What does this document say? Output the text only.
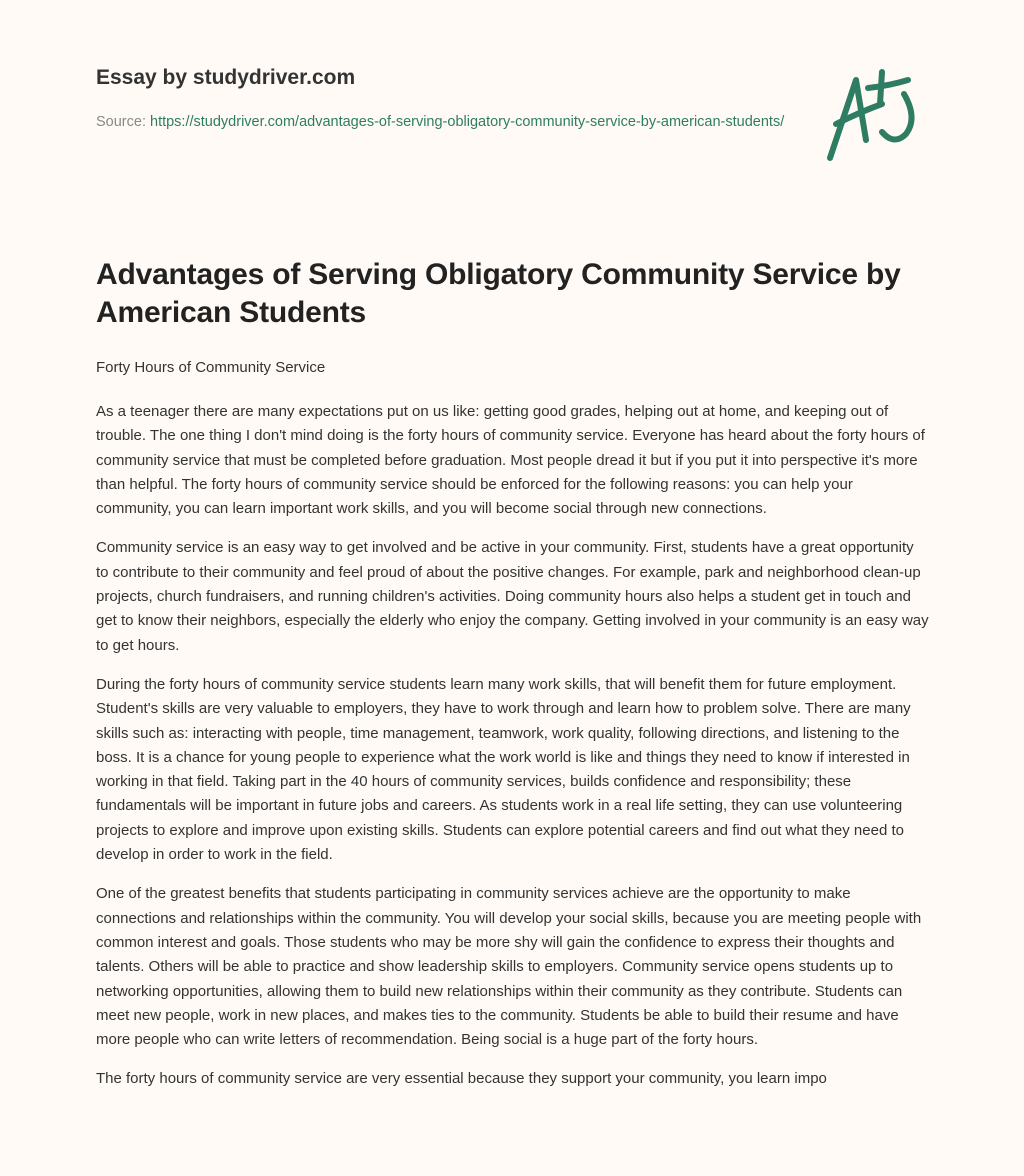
Essay by studydriver.com
Source: https://studydriver.com/advantages-of-serving-obligatory-community-service-by-american-students/
Advantages of Serving Obligatory Community Service by American Students

Forty Hours of Community Service

As a teenager there are many expectations put on us like: getting good grades, helping out at home, and keeping out of trouble. The one thing I don't mind doing is the forty hours of community service. Everyone has heard about the forty hours of community service that must be completed before graduation. Most people dread it but if you put it into perspective it's more than helpful. The forty hours of community service should be enforced for the following reasons: you can help your community, you can learn important work skills, and you will become social through new connections.

Community service is an easy way to get involved and be active in your community. First, students have a great opportunity to contribute to their community and feel proud of about the positive changes. For example, park and neighborhood clean-up projects, church fundraisers, and running children's activities. Doing community hours also helps a student get in touch and get to know their neighbors, especially the elderly who enjoy the company. Getting involved in your community is an easy way to get hours.

During the forty hours of community service students learn many work skills, that will benefit them for future employment. Student's skills are very valuable to employers, they have to work through and learn how to problem solve. There are many skills such as: interacting with people, time management, teamwork, work quality, following directions, and listening to the boss. It is a chance for young people to experience what the work world is like and things they need to know if interested in working in that field. Taking part in the 40 hours of community services, builds confidence and responsibility; these fundamentals will be important in future jobs and careers. As students work in a real life setting, they can use volunteering projects to explore and improve upon existing skills. Students can explore potential careers and find out what they need to develop in order to work in the field.

One of the greatest benefits that students participating in community services achieve are the opportunity to make connections and relationships within the community. You will develop your social skills, because you are meeting people with common interest and goals. Those students who may be more shy will gain the confidence to express their thoughts and talents. Others will be able to practice and show leadership skills to employers. Community service opens students up to networking opportunities, allowing them to build new relationships within their community as they contribute. Students can meet new people, work in new places, and makes ties to the community. Students be able to build their resume and have more people who can write letters of recommendation. Being social is a huge part of the forty hours.

The forty hours of community service are very essential because they support your community, you learn impo
